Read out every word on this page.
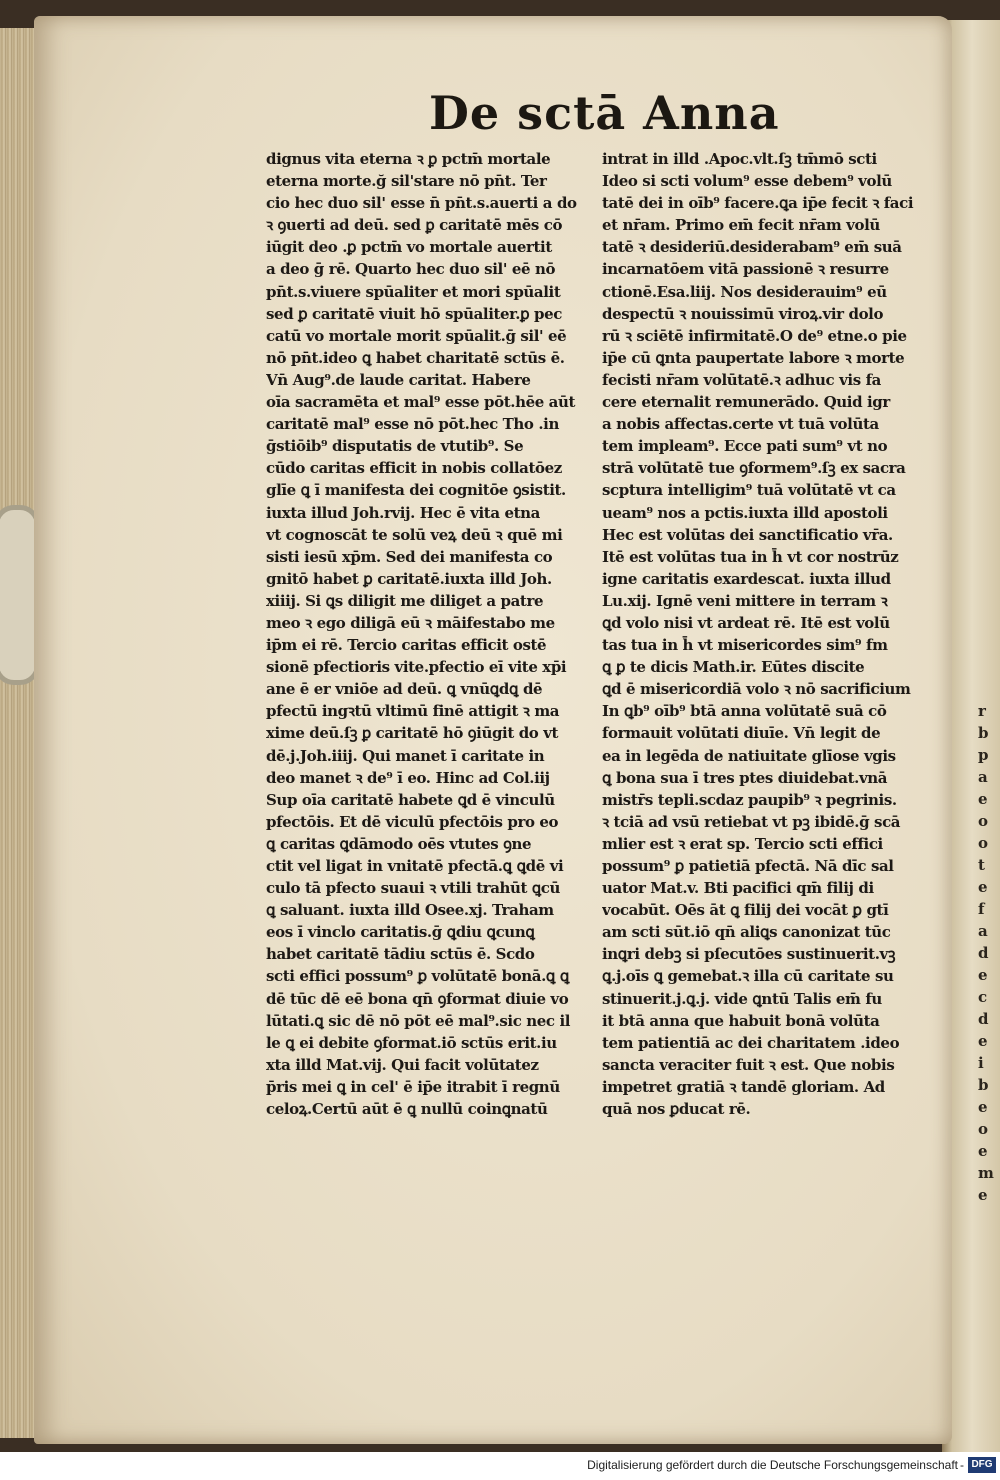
De sctā Anna
dignus vita eterna ꝛ ꝑ pctm̄ mortale
eterna morte.ğ sil'stare nō pn̄t. Ter
cio hec duo sil' esse n̄ pn̄t.s.auerti a do
ꝛ ꝯuerti ad deū. sed ꝑ caritatē mēs cō
iūgit deo .ꝑ pctm̄ vo mortale auertit
a deo ḡ rē. Quarto hec duo sil' eē nō
pn̄t.s.viuere spūaliter et mori spūalit
sed ꝑ caritatē viuit hō spūaliter.ꝑ pec
catū vo mortale morit spūalit.ḡ sil' eē
nō pn̄t.ideo ꝗ habet charitatē sctūs ē.
Vn̄ Aug⁹.de laude caritat. Habere
oīa sacramēta et mal⁹ esse pōt.hēe aūt
caritatē mal⁹ esse nō pōt.hec Tho .in
ḡstiōib⁹ disputatis de vtutib⁹. Se
cūdo caritas efficit in nobis collatōez
glīe ꝗ ī manifesta dei cognitōe ꝯsistit.
iuxta illud Joh.rvij. Hec ē vita etna
vt cognoscāt te solū veꝝ deū ꝛ quē mi
sisti iesū xp̄m. Sed dei manifesta co
gnitō habet ꝑ caritatē.iuxta illd Joh.
xiiij. Si ꝗs diligit me diliget a patre
meo ꝛ ego diligā eū ꝛ māifestabo me
ip̄m ei rē. Tercio caritas efficit ostē
sionē pfectioris vite.pfectio eī vite xp̄i
ane ē er vniōe ad deū. ꝗ vnūꝗdꝗ dē
pfectū ingꝛtū vltimū finē attigit ꝛ ma
xime deū.ſꝫ ꝑ caritatē hō ꝯiūgit do vt
dē.j.Joh.iiij. Qui manet ī caritate in
deo manet ꝛ de⁹ ī eo. Hinc ad Col.iij
Sup oīa caritatē habete ꝗd ē vinculū
pfectōis. Et dē viculū pfectōis pro eo
ꝗ caritas ꝗdāmodo oēs vtutes ꝯne
ctit vel ligat in vnitatē pfectā.ꝗ ꝗdē vi
culo tā pfecto suaui ꝛ vtili trahūt ꝗcū
ꝗ saluant. iuxta illd Osee.xj. Traham
eos ī vinclo caritatis.ḡ ꝗdiu ꝗcunꝗ
habet caritatē tādiu sctūs ē. Scdo
scti effici possum⁹ ꝑ volūtatē bonā.ꝗ ꝗ
dē tūc dē eē bona qn̄ ꝯformat diuie vo
lūtati.ꝗ sic dē nō pōt eē mal⁹.sic nec il
le ꝗ ei debite ꝯformat.iō sctūs erit.iu
xta illd Mat.vij. Qui facit volūtatez
p̄ris mei ꝗ in cel' ē ip̄e itrabit ī regnū
celoꝝ.Certū aūt ē ꝗ nullū coinꝗnatū
intrat in illd .Apoc.vlt.ſꝫ tm̄mō scti
Ideo si scti volum⁹ esse debem⁹ volū
tatē dei in oīb⁹ facere.ꝗa ip̄e fecit ꝛ faci
et nr̄am. Primo em̄ fecit nr̄am volū
tatē ꝛ desideriū.desiderabam⁹ em̄ suā
incarnatōem vitā passionē ꝛ resurre
ctionē.Esa.liij. Nos desiderauim⁹ eū
despectū ꝛ nouissimū viroꝝ.vir dolo
rū ꝛ sciētē infirmitatē.O de⁹ etne.o pie
ip̄e cū ꝗnta paupertate labore ꝛ morte
fecisti nr̄am volūtatē.ꝛ adhuc vis fa
cere eternalit remunerādo. Quid igr
a nobis affectas.certe vt tuā volūta
tem impleam⁹. Ecce pati sum⁹ vt no
strā volūtatē tue ꝯformem⁹.ſꝫ ex sacra
scptura intelligim⁹ tuā volūtatē vt ca
ueam⁹ nos a pctis.iuxta illd apostoli
Hec est volūtas dei sanctificatio vr̄a.
Itē est volūtas tua in h̄ vt cor nostrūz
igne caritatis exardescat. iuxta illud
Lu.xij. Ignē veni mittere in terram ꝛ
ꝗd volo nisi vt ardeat rē. Itē est volū
tas tua in h̄ vt misericordes sim⁹ fm
ꝗ ꝑ te dicis Math.ir. Eūtes discite
ꝗd ē misericordiā volo ꝛ nō sacrificium
In ꝗb⁹ oīb⁹ btā anna volūtatē suā cō
formauit volūtati diuīe. Vn̄ legit de
ea in legēda de natiuitate glīose vgis
ꝗ bona sua ī tres ptes diuidebat.vnā
mistr̄s tepli.scdaz paupib⁹ ꝛ pegrinis.
ꝛ tciā ad vsū retiebat vt pꝫ ibidē.ḡ scā
mlier est ꝛ erat sp. Tercio scti effici
possum⁹ ꝑ patietiā pfectā. Nā dīc sal
uator Mat.v. Bti pacifici qm̄ filij di
vocabūt. Oēs āt ꝗ filij dei vocāt ꝑ gtī
am scti sūt.iō qn̄ aliꝗs canonizat tūc
inꝗri debꝫ si pſecutōes sustinuerit.vꝫ
ꝗ.j.oīs ꝗ gemebat.ꝛ illa cū caritate su
stinuerit.j.ꝗ.j. vide ꝗntū Talis em̄ fu
it btā anna que habuit bonā volūta
tem patientiā ac dei charitatem .ideo
sancta veraciter fuit ꝛ est. Que nobis
impetret gratiā ꝛ tandē gloriam. Ad
quā nos ꝑducat rē.
r
b
p
a
e
o
o
t
e
f
a
d
e
c
d
e
i
b
e
o
e
m
e
Digitalisierung gefördert durch die Deutsche Forschungsgemeinschaft - DFG
